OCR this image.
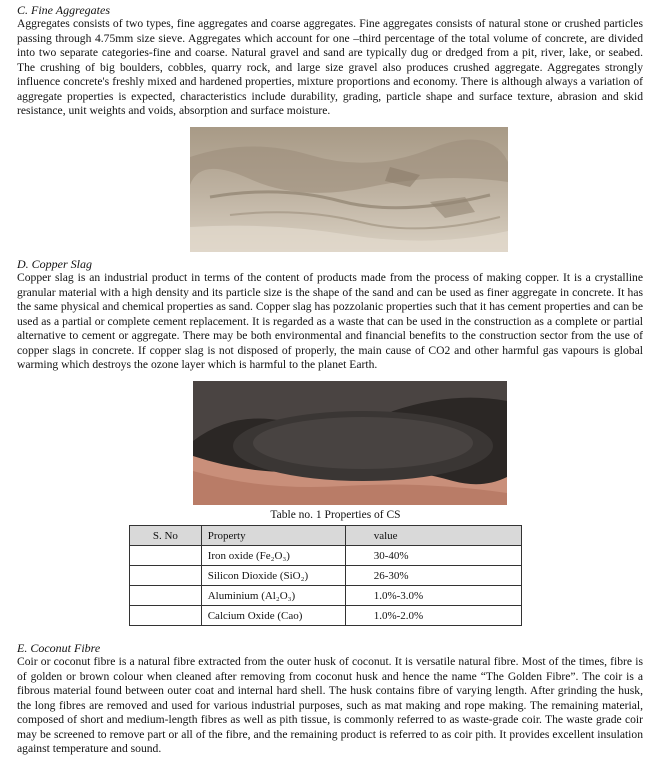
C. Fine Aggregates

Aggregates consists of two types, fine aggregates and coarse aggregates. Fine aggregates consists of natural stone or crushed particles passing through 4.75mm size sieve. Aggregates which account for one –third percentage of the total volume of concrete, are divided into two separate categories-fine and coarse. Natural gravel and sand are typically dug or dredged from a pit, river, lake, or seabed. The crushing of big boulders, cobbles, quarry rock, and large size gravel also produces crushed aggregate. Aggregates strongly influence concrete's freshly mixed and hardened properties, mixture proportions and economy. There is although always a variation of aggregate properties is expected, characteristics include durability, grading, particle shape and surface texture, abrasion and skid resistance, unit weights and voids, absorption and surface moisture.

D. Copper Slag

Copper slag is an industrial product in terms of the content of products made from the process of making copper. It is a crystalline granular material with a high density and its particle size is the shape of the sand and can be used as finer aggregate in concrete. It has the same physical and chemical properties as sand. Copper slag has pozzolanic properties such that it has cement properties and can be used as a partial or complete cement replacement. It is regarded as a waste that can be used in the construction as a complete or partial alternative to cement or aggregate. There may be both environmental and financial benefits to the construction sector from the use of copper slags in concrete. If copper slag is not disposed of properly, the main cause of CO2 and other harmful gas vapours is global warming which destroys the ozone layer which is harmful to the planet Earth.

Table no. 1 Properties of CS
S. No	Property	value
	Iron oxide (Fe₂O₃)	30-40%
	Silicon Dioxide (SiO₂)	26-30%
	Aluminium (Al₂O₃)	1.0%-3.0%
	Calcium Oxide (Cao)	1.0%-2.0%
E. Coconut Fibre

Coir or coconut fibre is a natural fibre extracted from the outer husk of coconut. It is versatile natural fibre. Most of the times, fibre is of golden or brown colour when cleaned after removing from coconut husk and hence the name “The Golden Fibre”. The coir is a fibrous material found between outer coat and internal hard shell. The husk contains fibre of varying length. After grinding the husk, the long fibres are removed and used for various industrial purposes, such as mat making and rope making. The remaining material, composed of short and medium-length fibres as well as pith tissue, is commonly referred to as waste-grade coir. The waste grade coir may be screened to remove part or all of the fibre, and the remaining product is referred to as coir pith. It provides excellent insulation against temperature and sound.
